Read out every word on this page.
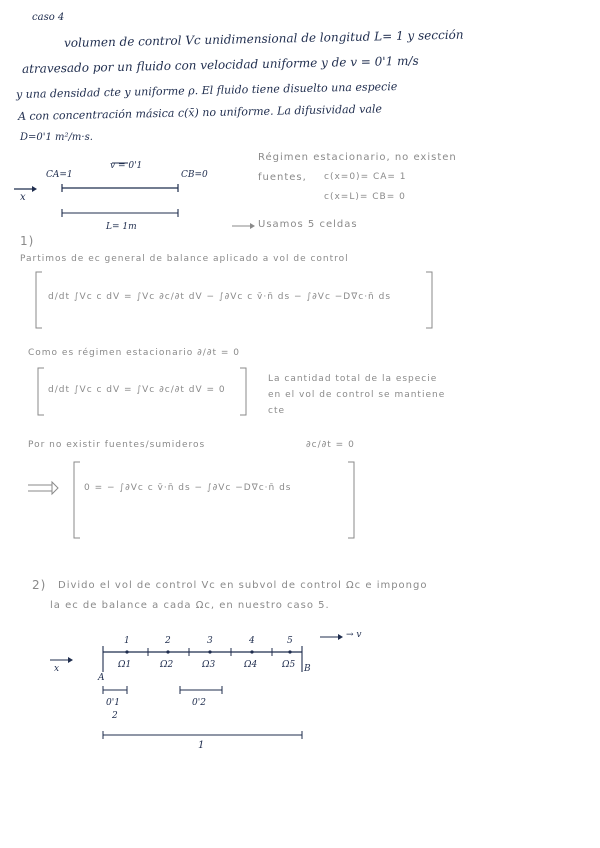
caso 4
volumen de control Vc unidimensional de longitud L= 1 y sección
atravesado por un fluido con velocidad uniforme y de v = 0'1 m/s
y una densidad cte y uniforme ρ. El fluido tiene disuelto una especie
A con concentración másica c(x̄) no uniforme. La difusividad vale
D=0'1 m²/m·s.
CA=1	CB=0
v = 0'1
x
L= 1m
Régimen estacionario, no existen
fuentes, c(x=0)= CA= 1
c(x=L)= CB= 0
Usamos 5 celdas
1)
Partimos de ec general de balance aplicado a vol de control
d/dt ∫Vc c dV = ∫Vc ∂c/∂t dV − ∫∂Vc c v̄·n̄ ds − ∫∂Vc −D∇c·n̄ ds
Como es régimen estacionario ∂/∂t = 0
d/dt ∫Vc c dV = ∫Vc ∂c/∂t dV = 0
La cantidad total de la especie
en el vol de control se mantiene
cte
Por no existir fuentes/sumideros	∂c/∂t = 0
0 = − ∫∂Vc c v̄·n̄ ds − ∫∂Vc −D∇c·n̄ ds
2) Divido el vol de control Vc en subvol de control Ωc e impongo
la ec de balance a cada Ωc, en nuestro caso 5.
1	2	3	4	5
Ω1	Ω2	Ω3	Ω4	Ω5
→ v
x
A
B
0'1
2
0'2
1
